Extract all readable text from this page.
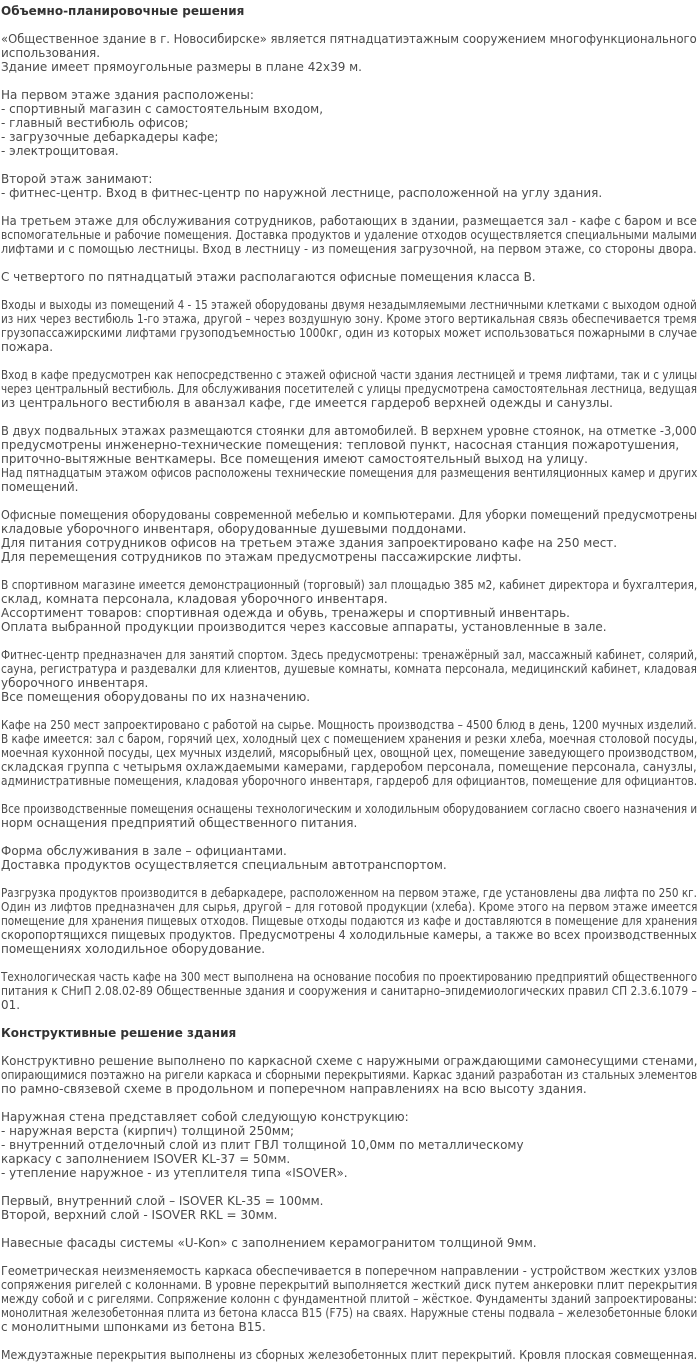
Объемно-планировочные решения
«Общественное здание в г. Новосибирске» является пятнадцатиэтажным сооружением многофункционального
использования.
Здание имеет прямоугольные размеры в плане 42х39 м.
На первом этаже здания расположены:
- спортивный магазин с самостоятельным входом,
- главный вестибюль офисов;
- загрузочные дебаркадеры кафе;
- электрощитовая.
Второй этаж занимают:
- фитнес-центр. Вход в фитнес-центр по наружной лестнице, расположенной на углу здания.
На третьем этаже для обслуживания сотрудников, работающих в здании, размещается зал - кафе с баром и все
вспомогательные и рабочие помещения. Доставка продуктов и удаление отходов осуществляется специальными малыми
лифтами и с помощью лестницы. Вход в лестницу - из помещения загрузочной, на первом этаже, со стороны двора.
С четвертого по пятнадцатый этажи располагаются офисные помещения класса В.
Входы и выходы из помещений 4 - 15 этажей оборудованы двумя незадымляемыми лестничными клетками с выходом одной
из них через вестибюль 1-го этажа, другой – через воздушную зону. Кроме этого вертикальная связь обеспечивается тремя
грузопассажирскими лифтами грузоподъемностью 1000кг, один из которых может использоваться пожарными в случае
пожара.
Вход в кафе предусмотрен как непосредственно с этажей офисной части здания лестницей и тремя лифтами, так и с улицы
через центральный вестибюль. Для обслуживания посетителей с улицы предусмотрена самостоятельная лестница, ведущая
из центрального вестибюля в аванзал кафе, где имеется гардероб верхней одежды и санузлы.
В двух подвальных этажах размещаются стоянки для автомобилей. В верхнем уровне стоянок, на отметке -3,000
предусмотрены инженерно-технические помещения: тепловой пункт, насосная станция пожаротушения,
приточно-вытяжные венткамеры. Все помещения имеют самостоятельный выход на улицу.
Над пятнадцатым этажом офисов расположены технические помещения для размещения вентиляционных камер и других
помещений.
Офисные помещения оборудованы современной мебелью и компьютерами. Для уборки помещений предусмотрены
кладовые уборочного инвентаря, оборудованные душевыми поддонами.
Для питания сотрудников офисов на третьем этаже здания запроектировано кафе на 250 мест.
Для перемещения сотрудников по этажам предусмотрены пассажирские лифты.
В спортивном магазине имеется демонстрационный (торговый) зал площадью 385 м2, кабинет директора и бухгалтерия,
склад, комната персонала, кладовая уборочного инвентаря.
Ассортимент товаров: спортивная одежда и обувь, тренажеры и спортивный инвентарь.
Оплата выбранной продукции производится через кассовые аппараты, установленные в зале.
Фитнес-центр предназначен для занятий спортом. Здесь предусмотрены: тренажёрный зал, массажный кабинет, солярий,
сауна, регистратура и раздевалки для клиентов, душевые комнаты, комната персонала, медицинский кабинет, кладовая
уборочного инвентаря.
Все помещения оборудованы по их назначению.
Кафе на 250 мест запроектировано с работой на сырье. Мощность производства – 4500 блюд в день, 1200 мучных изделий.
В кафе имеется: зал с баром, горячий цех, холодный цех с помещением хранения и резки хлеба, моечная столовой посуды,
моечная кухонной посуды, цех мучных изделий, мясорыбный цех, овощной цех, помещение заведующего производством,
складская группа с четырьмя охлаждаемыми камерами, гардеробом персонала, помещение персонала, санузлы,
административные помещения, кладовая уборочного инвентаря, гардероб для официантов, помещение для официантов.
Все производственные помещения оснащены технологическим и холодильным оборудованием согласно своего назначения и
норм оснащения предприятий общественного питания.
Форма обслуживания в зале – официантами.
Доставка продуктов осуществляется специальным автотранспортом.
Разгрузка продуктов производится в дебаркадере, расположенном на первом этаже, где установлены два лифта по 250 кг.
Один из лифтов предназначен для сырья, другой – для готовой продукции (хлеба). Кроме этого на первом этаже имеется
помещение для хранения пищевых отходов. Пищевые отходы подаются из кафе и доставляются в помещение для хранения
скоропортящихся пищевых продуктов. Предусмотрены 4 холодильные камеры, а также во всех производственных
помещениях холодильное оборудование.
Технологическая часть кафе на 300 мест выполнена на основание пособия по проектированию предприятий общественного
питания к СНиП 2.08.02-89 Общественные здания и сооружения и санитарно–эпидемиологических правил СП 2.3.6.1079 –
01.
Конструктивные решение здания
Конструктивно решение выполнено по каркасной схеме с наружными ограждающими самонесущими стенами,
опирающимися поэтажно на ригели каркаса и сборными перекрытиями. Каркас зданий разработан из стальных элементов
по рамно-связевой схеме в продольном и поперечном направлениях на всю высоту здания.
Наружная стена представляет собой следующую конструкцию:
- наружная верста (кирпич) толщиной 250мм;
- внутренний отделочный слой из плит ГВЛ толщиной 10,0мм по металлическому
каркасу с заполнением ISOVER KL-37 = 50мм.
- утепление наружное - из утеплителя типа «ISOVER».
Первый, внутренний слой – ISOVER KL-35 = 100мм.
Второй, верхний слой - ISOVER RKL = 30мм.
Навесные фасады системы «U-Kon» с заполнением керамогранитом толщиной 9мм.
Геометрическая неизменяемость каркаса обеспечивается в поперечном направлении - устройством жестких узлов
сопряжения ригелей с колоннами. В уровне перекрытий выполняется жесткий диск путем анкеровки плит перекрытия
между собой и с ригелями. Сопряжение колонн с фундаментной плитой – жёсткое. Фундаменты зданий запроектированы:
монолитная железобетонная плита из бетона класса В15 (F75) на сваях. Наружные стены подвала – железобетонные блоки
с монолитными шпонками из бетона В15.
Междуэтажные перекрытия выполнены из сборных железобетонных плит перекрытий. Кровля плоская совмещенная.
